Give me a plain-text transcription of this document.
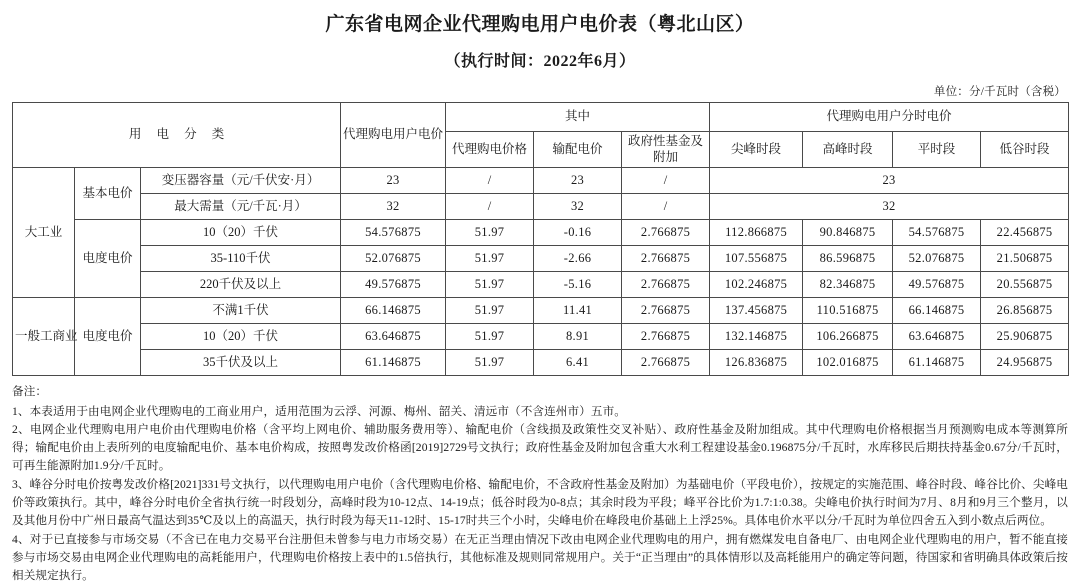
广东省电网企业代理购电用户电价表（粤北山区）
（执行时间：2022年6月）
单位：分/千瓦时（含税）
用 电 分 类			代理购电用户电价	其中			代理购电用户分时电价			
				代理购电价格	输配电价	政府性基金及附加	尖峰时段	高峰时段	平时段	低谷时段
大工业	基本电价	变压器容量（元/千伏安·月）	23	/	23	/	23			
		最大需量（元/千瓦·月）	32	/	32	/	32			
	电度电价	10（20）千伏	54.576875	51.97	-0.16	2.766875	112.866875	90.846875	54.576875	22.456875
		35-110千伏	52.076875	51.97	-2.66	2.766875	107.556875	86.596875	52.076875	21.506875
		220千伏及以上	49.576875	51.97	-5.16	2.766875	102.246875	82.346875	49.576875	20.556875
一般工商业	电度电价	不满1千伏	66.146875	51.97	11.41	2.766875	137.456875	110.516875	66.146875	26.856875
		10（20）千伏	63.646875	51.97	8.91	2.766875	132.146875	106.266875	63.646875	25.906875
		35千伏及以上	61.146875	51.97	6.41	2.766875	126.836875	102.016875	61.146875	24.956875

备注：

1、本表适用于由电网企业代理购电的工商业用户，适用范围为云浮、河源、梅州、韶关、清远市（不含连州市）五市。

2、电网企业代理购电用户电价由代理购电价格（含平均上网电价、辅助服务费用等）、输配电价（含线损及政策性交叉补贴）、政府性基金及附加组成。其中代理购电价格根据当月预测购电成本等测算所得；输配电价由上表所列的电度输配电价、基本电价构成，按照粤发改价格函[2019]2729号文执行；政府性基金及附加包含重大水利工程建设基金0.196875分/千瓦时，水库移民后期扶持基金0.67分/千瓦时，可再生能源附加1.9分/千瓦时。

3、峰谷分时电价按粤发改价格[2021]331号文执行，以代理购电用户电价（含代理购电价格、输配电价，不含政府性基金及附加）为基础电价（平段电价），按规定的实施范围、峰谷时段、峰谷比价、尖峰电价等政策执行。其中，峰谷分时电价全省执行统一时段划分，高峰时段为10-12点、14-19点；低谷时段为0-8点；其余时段为平段；峰平谷比价为1.7:1:0.38。尖峰电价执行时间为7月、8月和9月三个整月，以及其他月份中广州日最高气温达到35℃及以上的高温天，执行时段为每天11-12时、15-17时共三个小时，尖峰电价在峰段电价基础上上浮25%。具体电价水平以分/千瓦时为单位四舍五入到小数点后两位。

4、对于已直接参与市场交易（不含已在电力交易平台注册但未曾参与电力市场交易）在无正当理由情况下改由电网企业代理购电的用户，拥有燃煤发电自备电厂、由电网企业代理购电的用户，暂不能直接参与市场交易由电网企业代理购电的高耗能用户，代理购电价格按上表中的1.5倍执行，其他标准及规则同常规用户。关于“正当理由”的具体情形以及高耗能用户的确定等问题，待国家和省明确具体政策后按相关规定执行。
